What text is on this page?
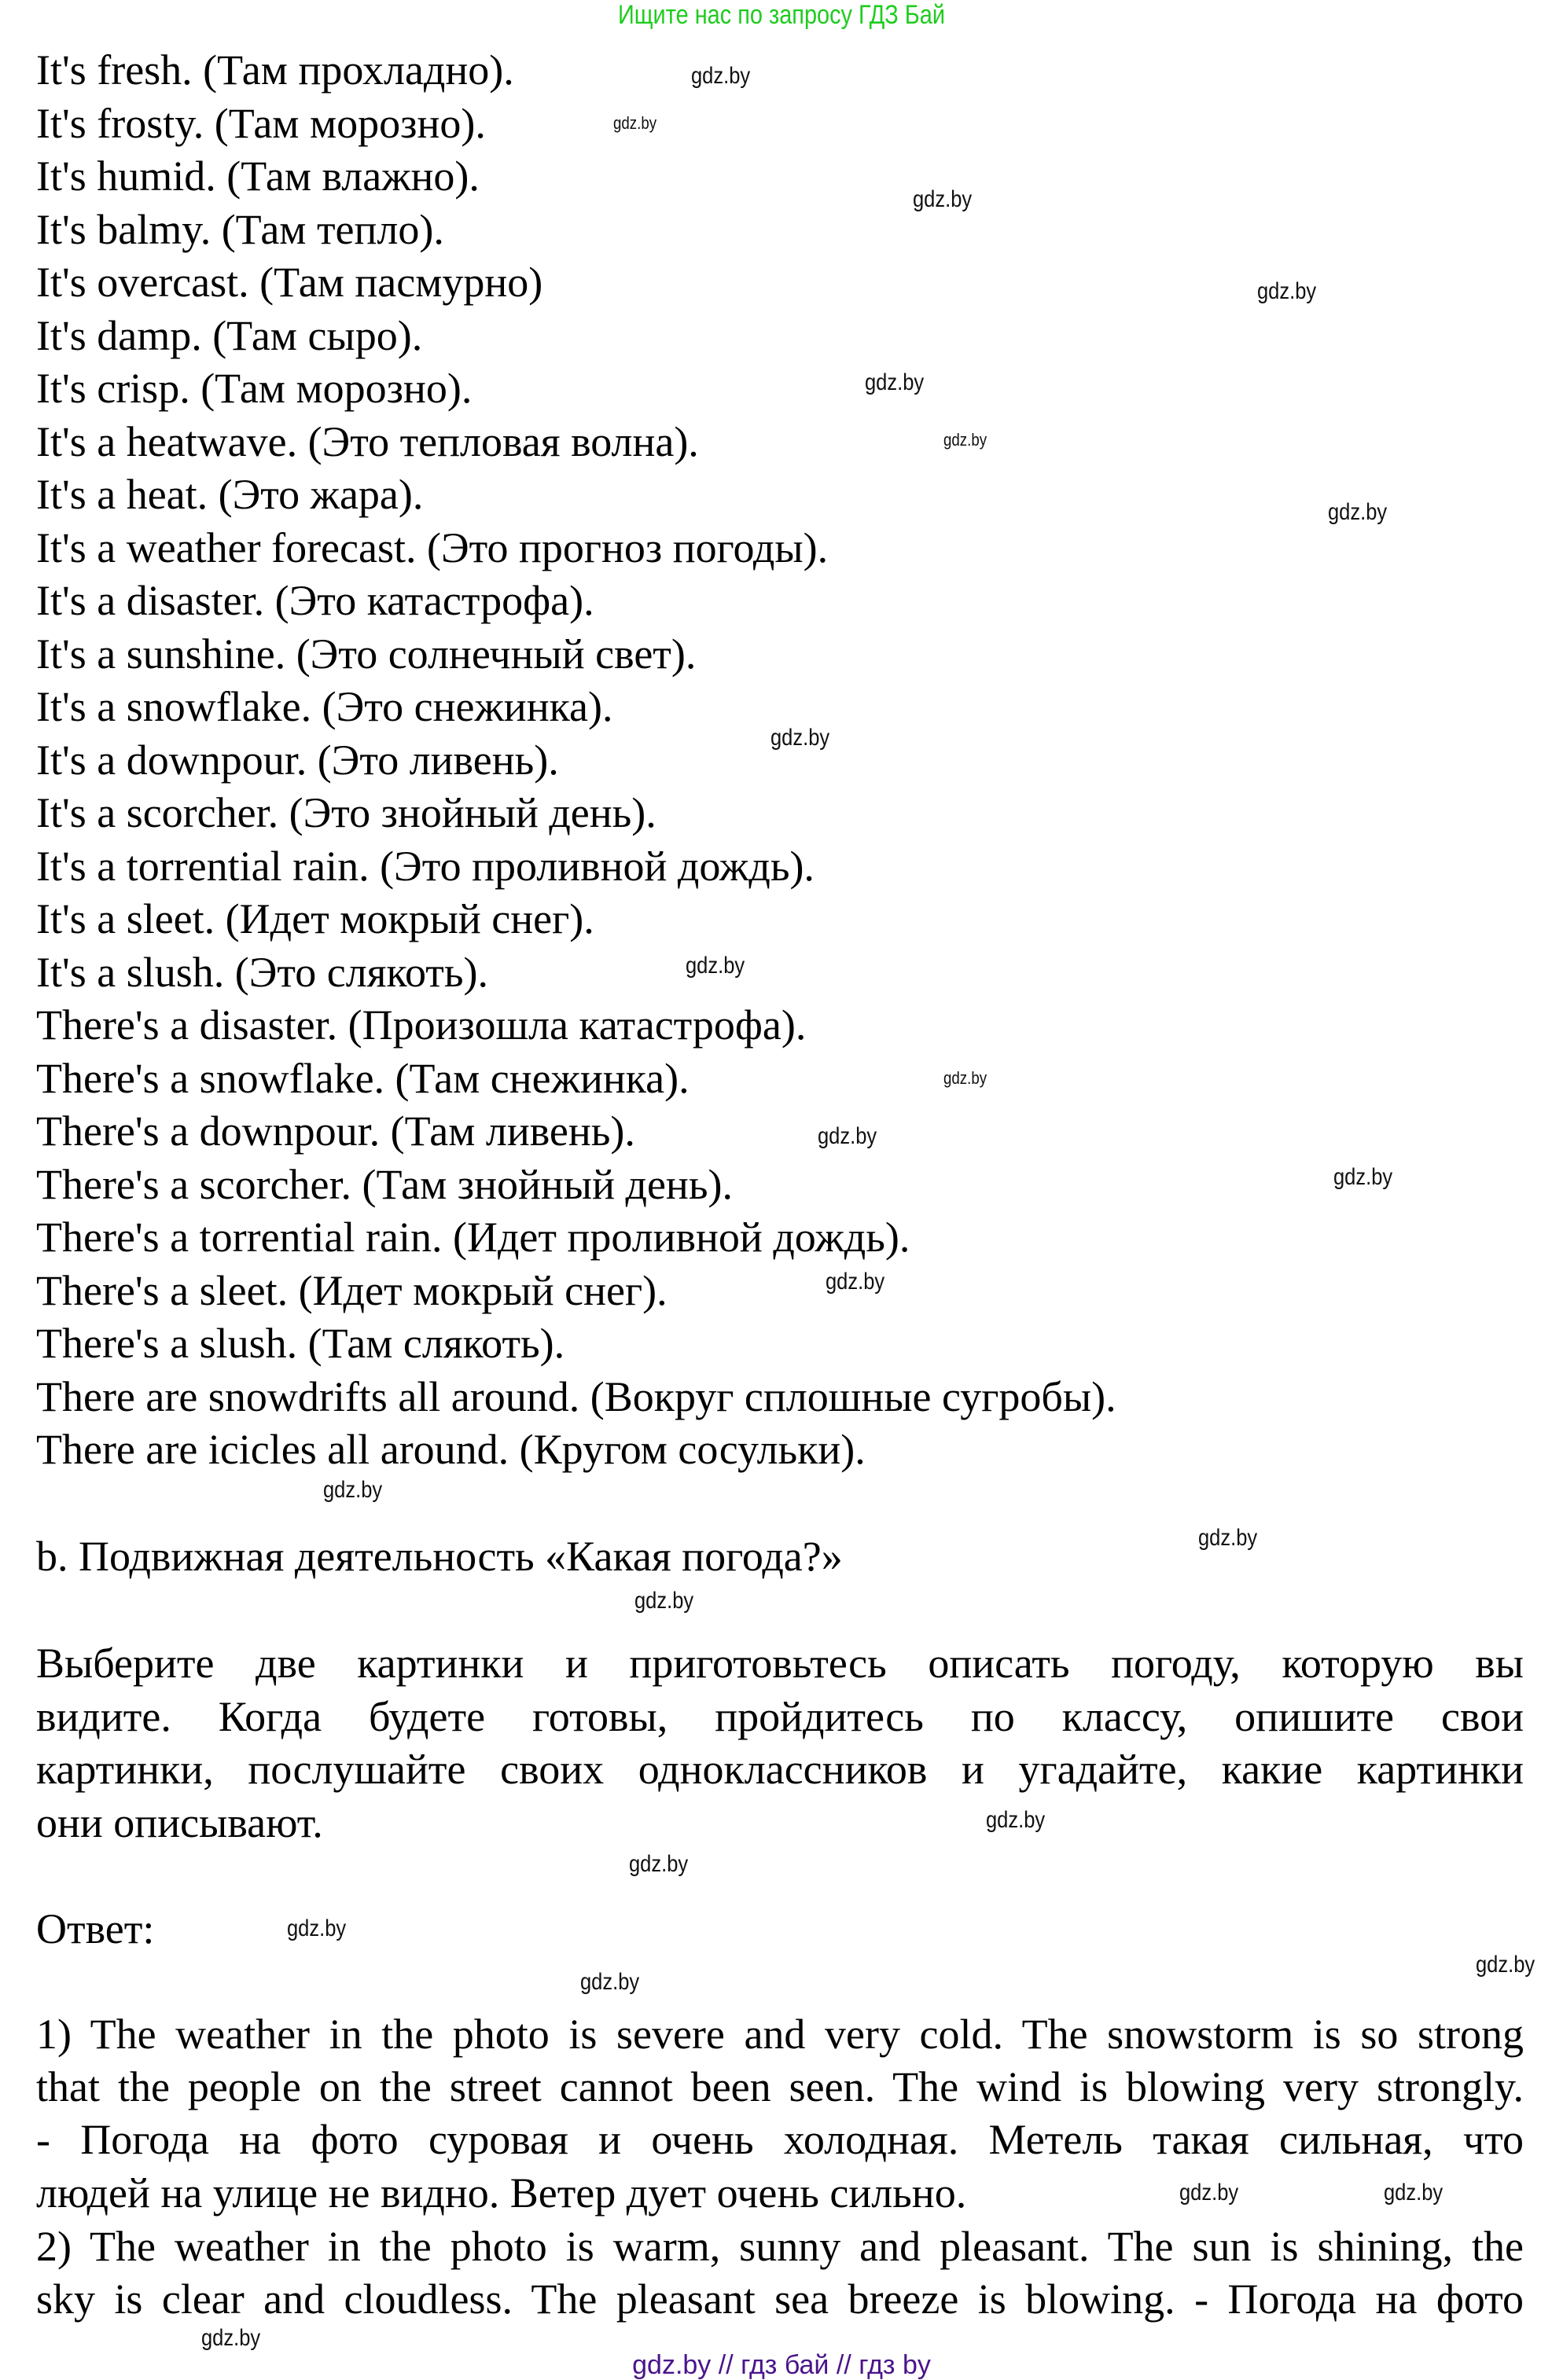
Ищите нас по запросу ГДЗ Бай
It's fresh. (Там прохладно).
It's frosty. (Там морозно).
It's humid. (Там влажно).
It's balmy. (Там тепло).
It's overcast. (Там пасмурно)
It's damp. (Там сыро).
It's crisp. (Там морозно).
It's a heatwave. (Это тепловая волна).
It's a heat. (Это жара).
It's a weather forecast. (Это прогноз погоды).
It's a disaster. (Это катастрофа).
It's a sunshine. (Это солнечный свет).
It's a snowflake. (Это снежинка).
It's a downpour. (Это ливень).
It's a scorcher. (Это знойный день).
It's a torrential rain. (Это проливной дождь).
It's a sleet. (Идет мокрый снег).
It's a slush. (Это слякоть).
There's a disaster. (Произошла катастрофа).
There's a snowflake. (Там снежинка).
There's a downpour. (Там ливень).
There's a scorcher. (Там знойный день).
There's a torrential rain. (Идет проливной дождь).
There's a sleet. (Идет мокрый снег).
There's a slush. (Там слякоть).
There are snowdrifts all around. (Вокруг сплошные сугробы).
There are icicles all around. (Кругом сосульки).
b. Подвижная деятельность «Какая погода?»
Выберите две картинки и приготовьтесь описать погоду, которую вы
видите. Когда будете готовы, пройдитесь по классу, опишите свои
картинки, послушайте своих одноклассников и угадайте, какие картинки
они описывают.
Ответ:
1) The weather in the photo is severe and very cold. The snowstorm is so strong
that the people on the street cannot been seen. The wind is blowing very strongly.
- Погода на фото суровая и очень холодная. Метель такая сильная, что
людей на улице не видно. Ветер дует очень сильно.
2) The weather in the photo is warm, sunny and pleasant. The sun is shining, the
sky is clear and cloudless. The pleasant sea breeze is blowing. - Погода на фото
gdz.by
gdz.by
gdz.by
gdz.by
gdz.by
gdz.by
gdz.by
gdz.by
gdz.by
gdz.by
gdz.by
gdz.by
gdz.by
gdz.by
gdz.by
gdz.by
gdz.by
gdz.by
gdz.by
gdz.by
gdz.by
gdz.by	gdz.by
gdz.by
gdz.by // гдз бай // гдз by
